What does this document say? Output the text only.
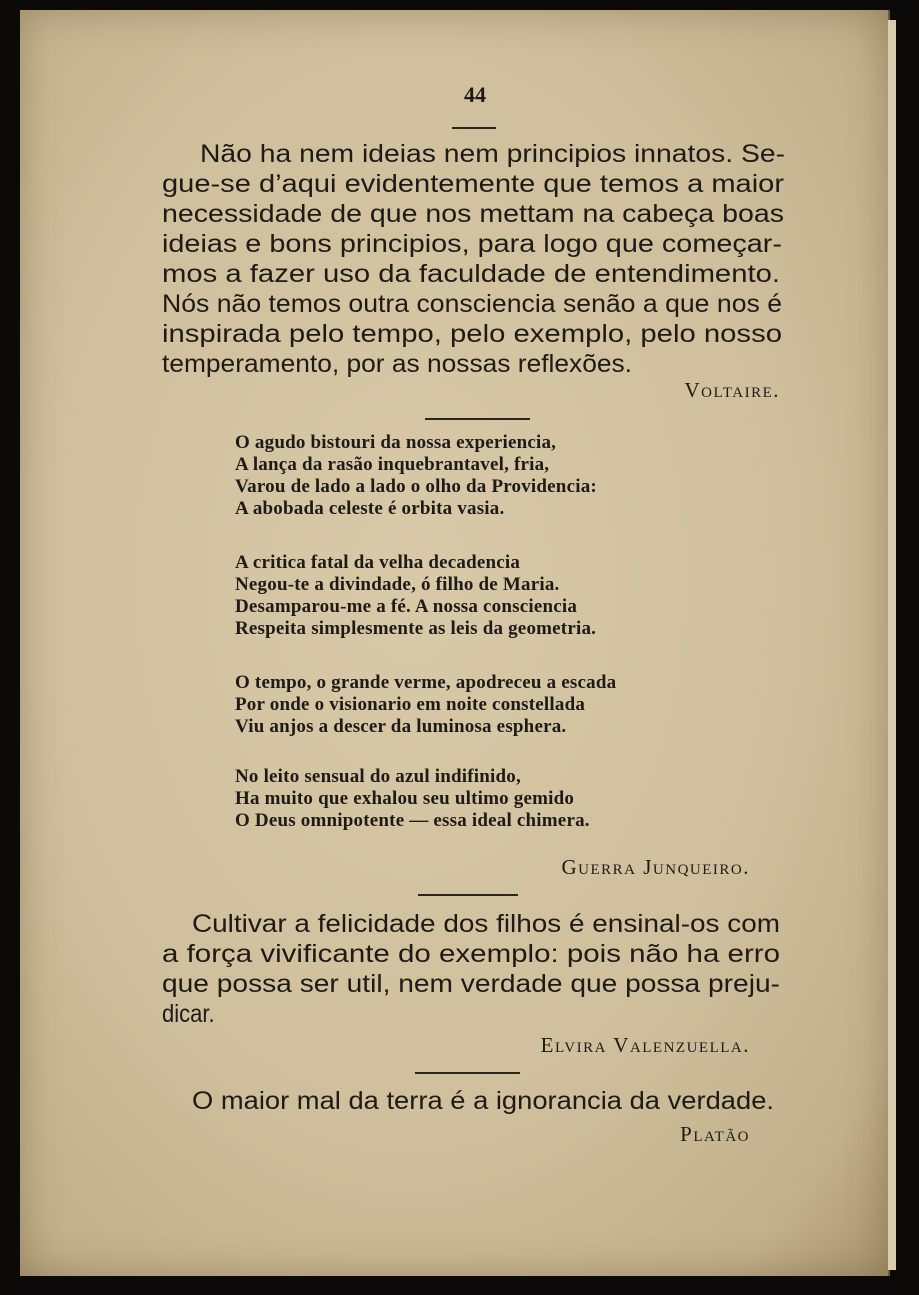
44
Não ha nem ideias nem principios innatos. Se-
gue-se d’aqui evidentemente que temos a maior
necessidade de que nos mettam na cabeça boas
ideias e bons principios, para logo que começar-
mos a fazer uso da faculdade de entendimento.
Nós não temos outra consciencia senão a que nos é
inspirada pelo tempo, pelo exemplo, pelo nosso
temperamento, por as nossas reflexões.
Voltaire.
O agudo bistouri da nossa experiencia,
A lança da rasão inquebrantavel, fria,
Varou de lado a lado o olho da Providencia:
A abobada celeste é orbita vasia.
A critica fatal da velha decadencia
Negou-te a divindade, ó filho de Maria.
Desamparou-me a fé. A nossa consciencia
Respeita simplesmente as leis da geometria.
O tempo, o grande verme, apodreceu a escada
Por onde o visionario em noite constellada
Viu anjos a descer da luminosa esphera.
No leito sensual do azul indifinido,
Ha muito que exhalou seu ultimo gemido
O Deus omnipotente — essa ideal chimera.
Guerra Junqueiro.
Cultivar a felicidade dos filhos é ensinal-os com
a força vivificante do exemplo: pois não ha erro
que possa ser util, nem verdade que possa preju-
dicar.
Elvira Valenzuella.
O maior mal da terra é a ignorancia da verdade.
Platão
